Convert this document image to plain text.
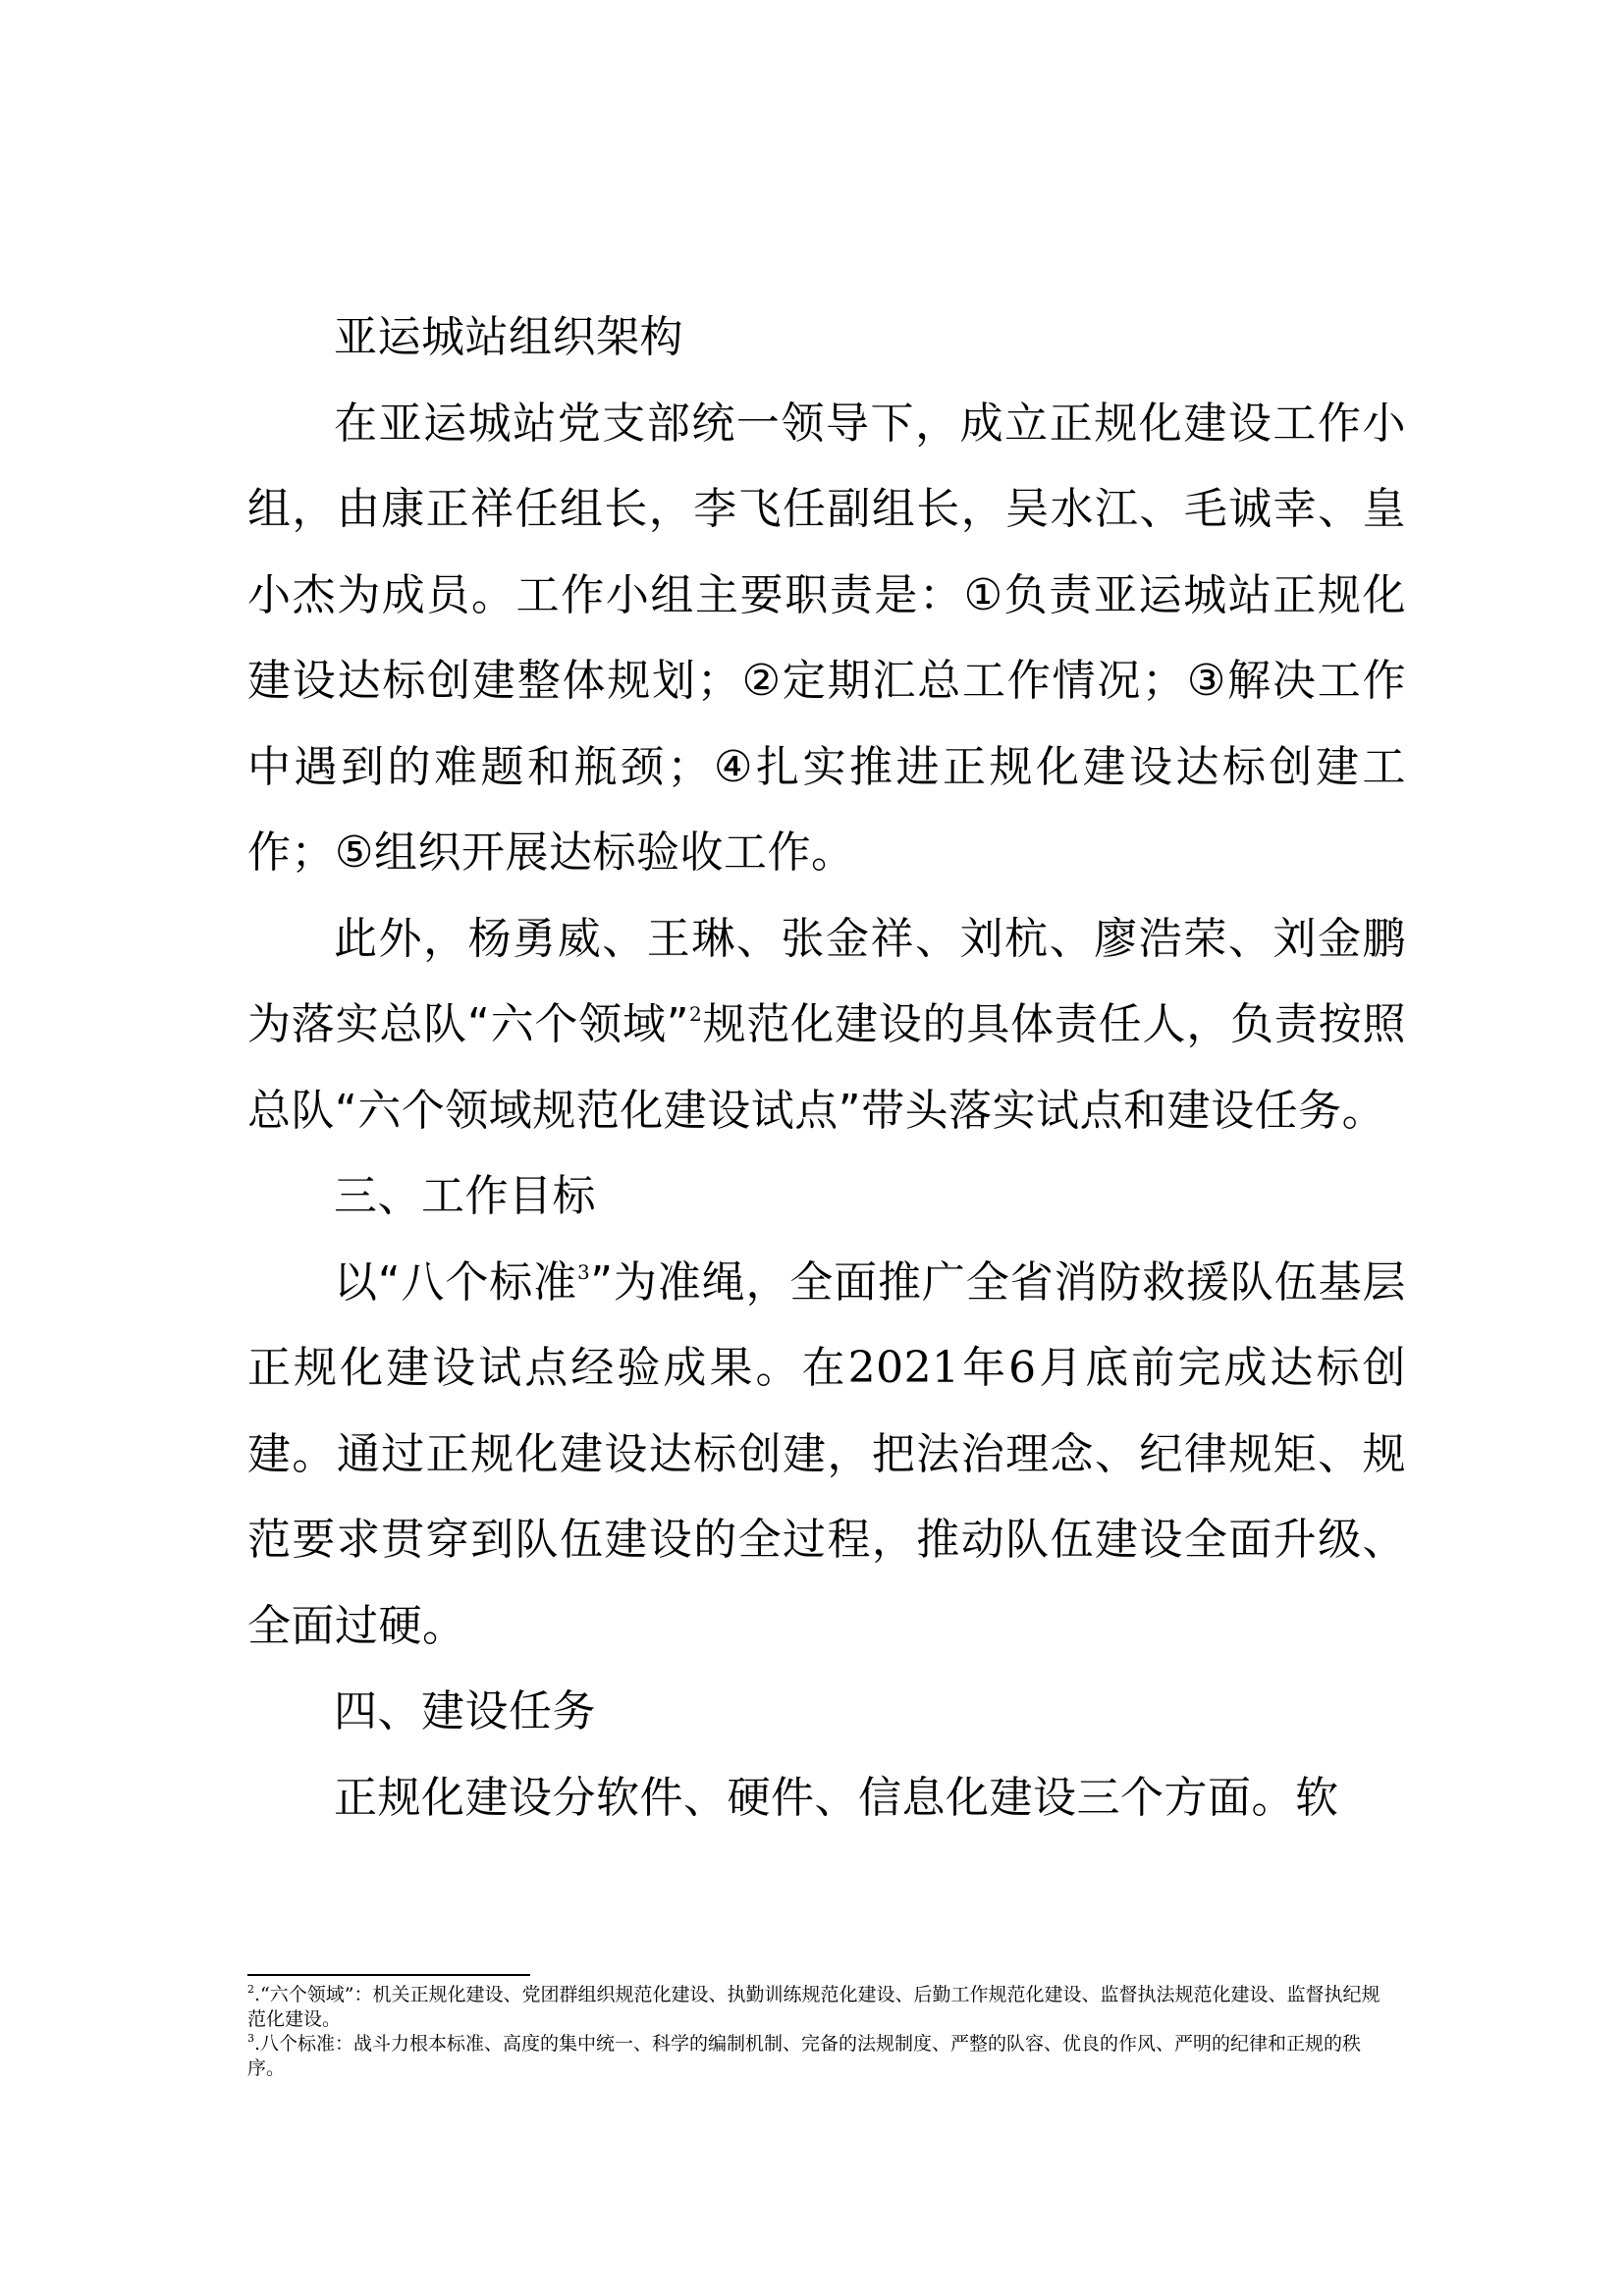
亚运城站组织架构

在亚运城站党支部统一领导下，成立正规化建设工作小组，由康正祥任组长，李飞任副组长，吴水江、毛诚幸、皇小杰为成员。工作小组主要职责是：①负责亚运城站正规化建设达标创建整体规划；②定期汇总工作情况；③解决工作中遇到的难题和瓶颈；④扎实推进正规化建设达标创建工作；⑤组织开展达标验收工作。

此外，杨勇威、王琳、张金祥、刘杭、廖浩荣、刘金鹏为落实总队“六个领域”$^2$规范化建设的具体责任人，负责按照总队“六个领域规范化建设试点”带头落实试点和建设任务。

三、工作目标

以“八个标准$^3$”为准绳，全面推广全省消防救援队伍基层正规化建设试点经验成果。在2021年6月底前完成达标创建。通过正规化建设达标创建，把法治理念、纪律规矩、规范要求贯穿到队伍建设的全过程，推动队伍建设全面升级、全面过硬。

四、建设任务

正规化建设分软件、硬件、信息化建设三个方面。软

$^2$.“六个领域”：机关正规化建设、党团群组织规范化建设、执勤训练规范化建设、后勤工作规范化建设、监督执法规范化建设、监督执纪规范化建设。

$^3$.八个标准：战斗力根本标准、高度的集中统一、科学的编制机制、完备的法规制度、严整的队容、优良的作风、严明的纪律和正规的秩序。
